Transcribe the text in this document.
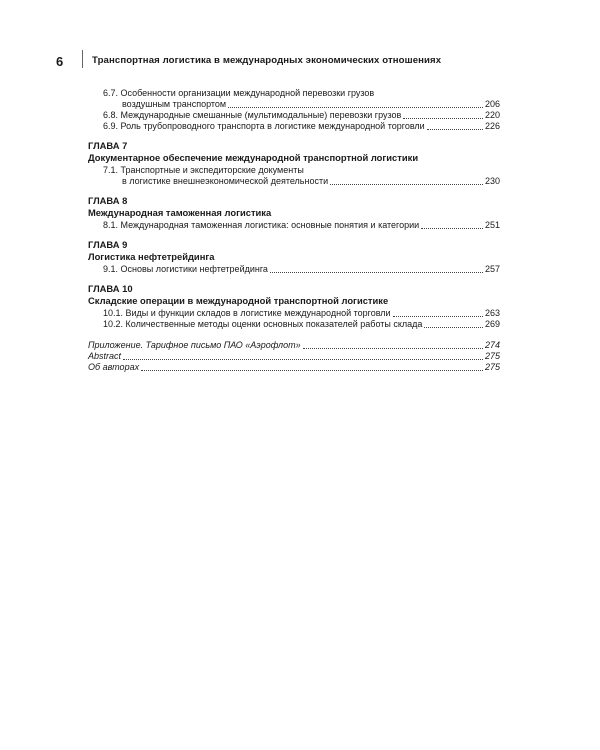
6	Транспортная логистика в международных экономических отношениях
6.7. Особенности организации международной перевозки грузов
воздушным транспортом	206
6.8. Международные смешанные (мультимодальные) перевозки грузов	220
6.9. Роль трубопроводного транспорта в логистике международной торговли	226
ГЛАВА 7
Документарное обеспечение международной транспортной логистики
7.1. Транспортные и экспедиторские документы
в логистике внешнеэкономической деятельности	230
ГЛАВА 8
Международная таможенная логистика
8.1. Международная таможенная логистика: основные понятия и категории	251
ГЛАВА 9
Логистика нефтетрейдинга
9.1. Основы логистики нефтетрейдинга	257
ГЛАВА 10
Складские операции в международной транспортной логистике
10.1. Виды и функции складов в логистике международной торговли	263
10.2. Количественные методы оценки основных показателей работы склада	269
Приложение. Тарифное письмо ПАО «Аэрофлот»	274
Abstract	275
Об авторах	275
